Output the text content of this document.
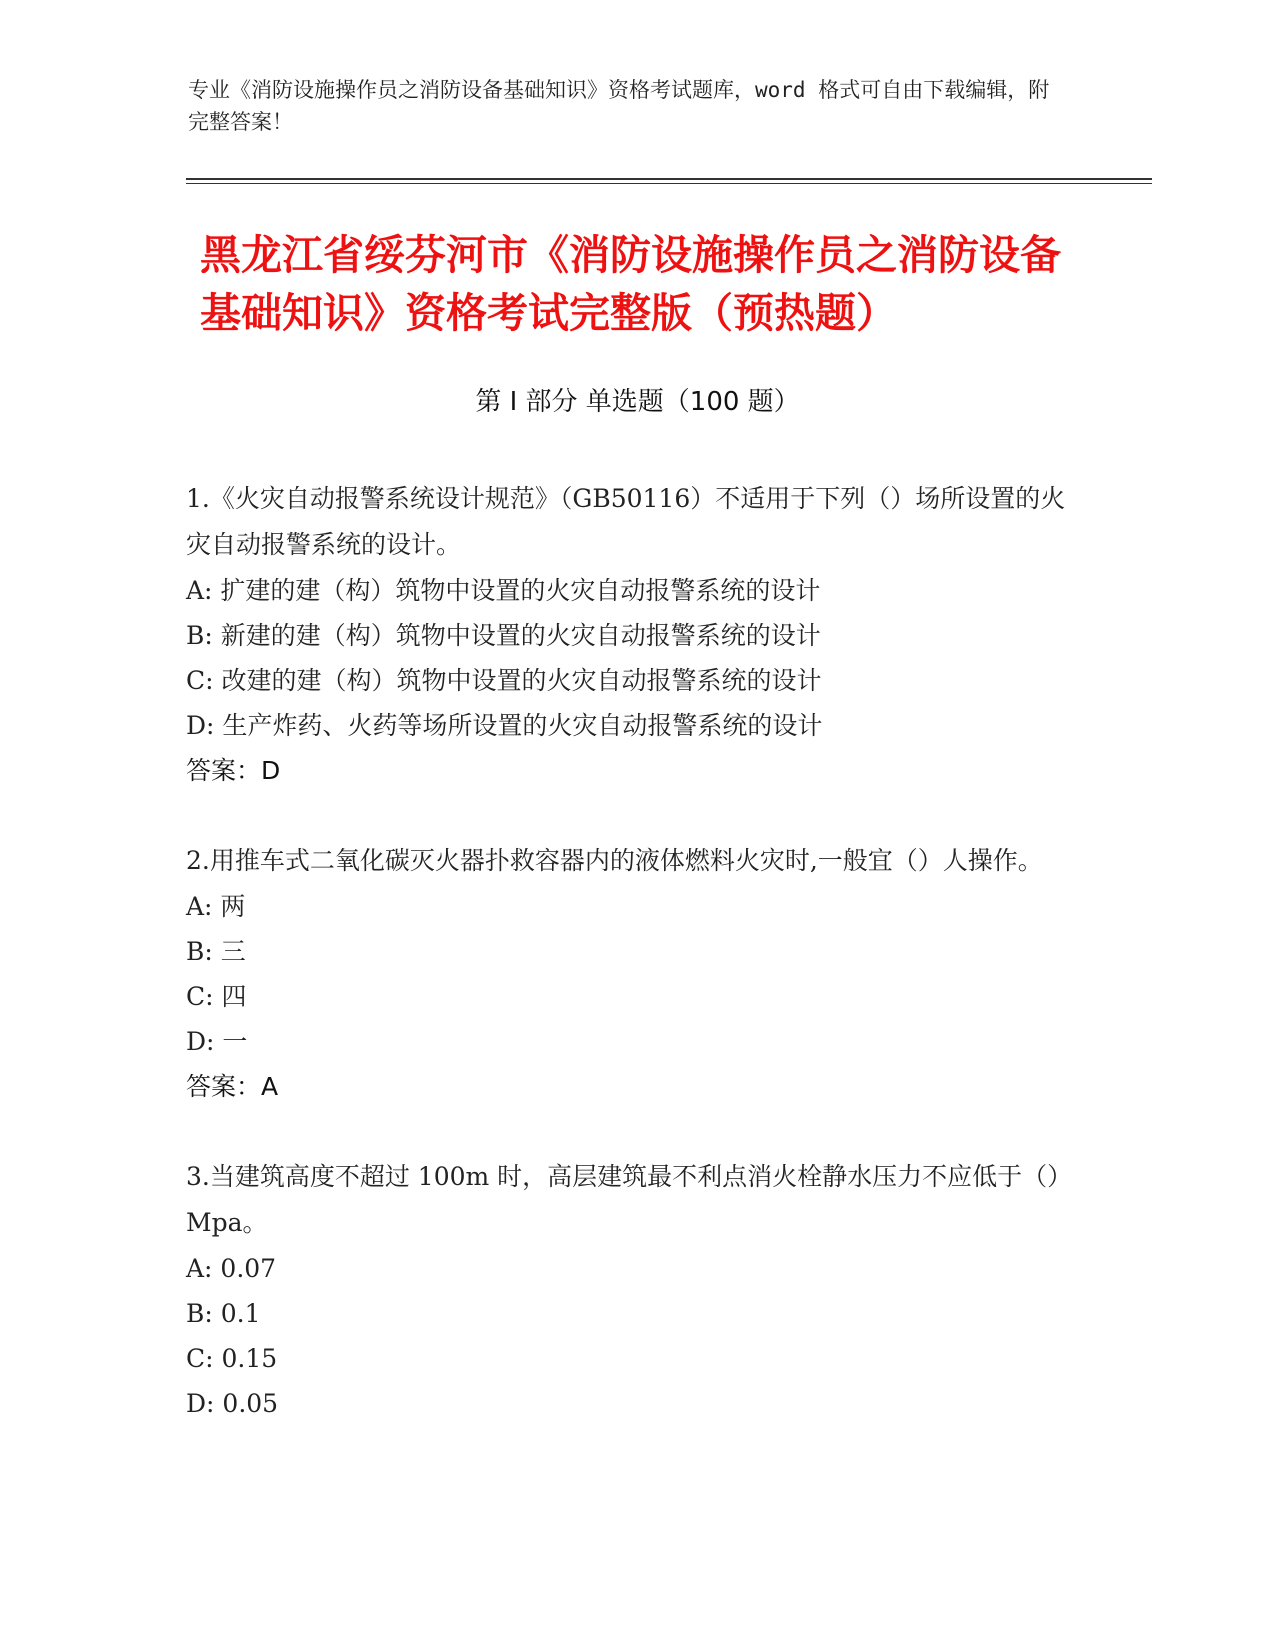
专业《消防设施操作员之消防设备基础知识》资格考试题库，word 格式可自由下载编辑，附完整答案！
黑龙江省绥芬河市《消防设施操作员之消防设备基础知识》资格考试完整版（预热题）
第 I 部分 单选题（100 题）

1.《火灾自动报警系统设计规范》（GB50116）不适用于下列（）场所设置的火灾自动报警系统的设计。

A: 扩建的建（构）筑物中设置的火灾自动报警系统的设计
B: 新建的建（构）筑物中设置的火灾自动报警系统的设计
C: 改建的建（构）筑物中设置的火灾自动报警系统的设计
D: 生产炸药、火药等场所设置的火灾自动报警系统的设计
答案：D

2.用推车式二氧化碳灭火器扑救容器内的液体燃料火灾时,一般宜（）人操作。

A: 两
B: 三
C: 四
D: 一
答案：A

3.当建筑高度不超过 100m 时，高层建筑最不利点消火栓静水压力不应低于（）Mpa。

A: 0.07
B: 0.1
C: 0.15
D: 0.05
